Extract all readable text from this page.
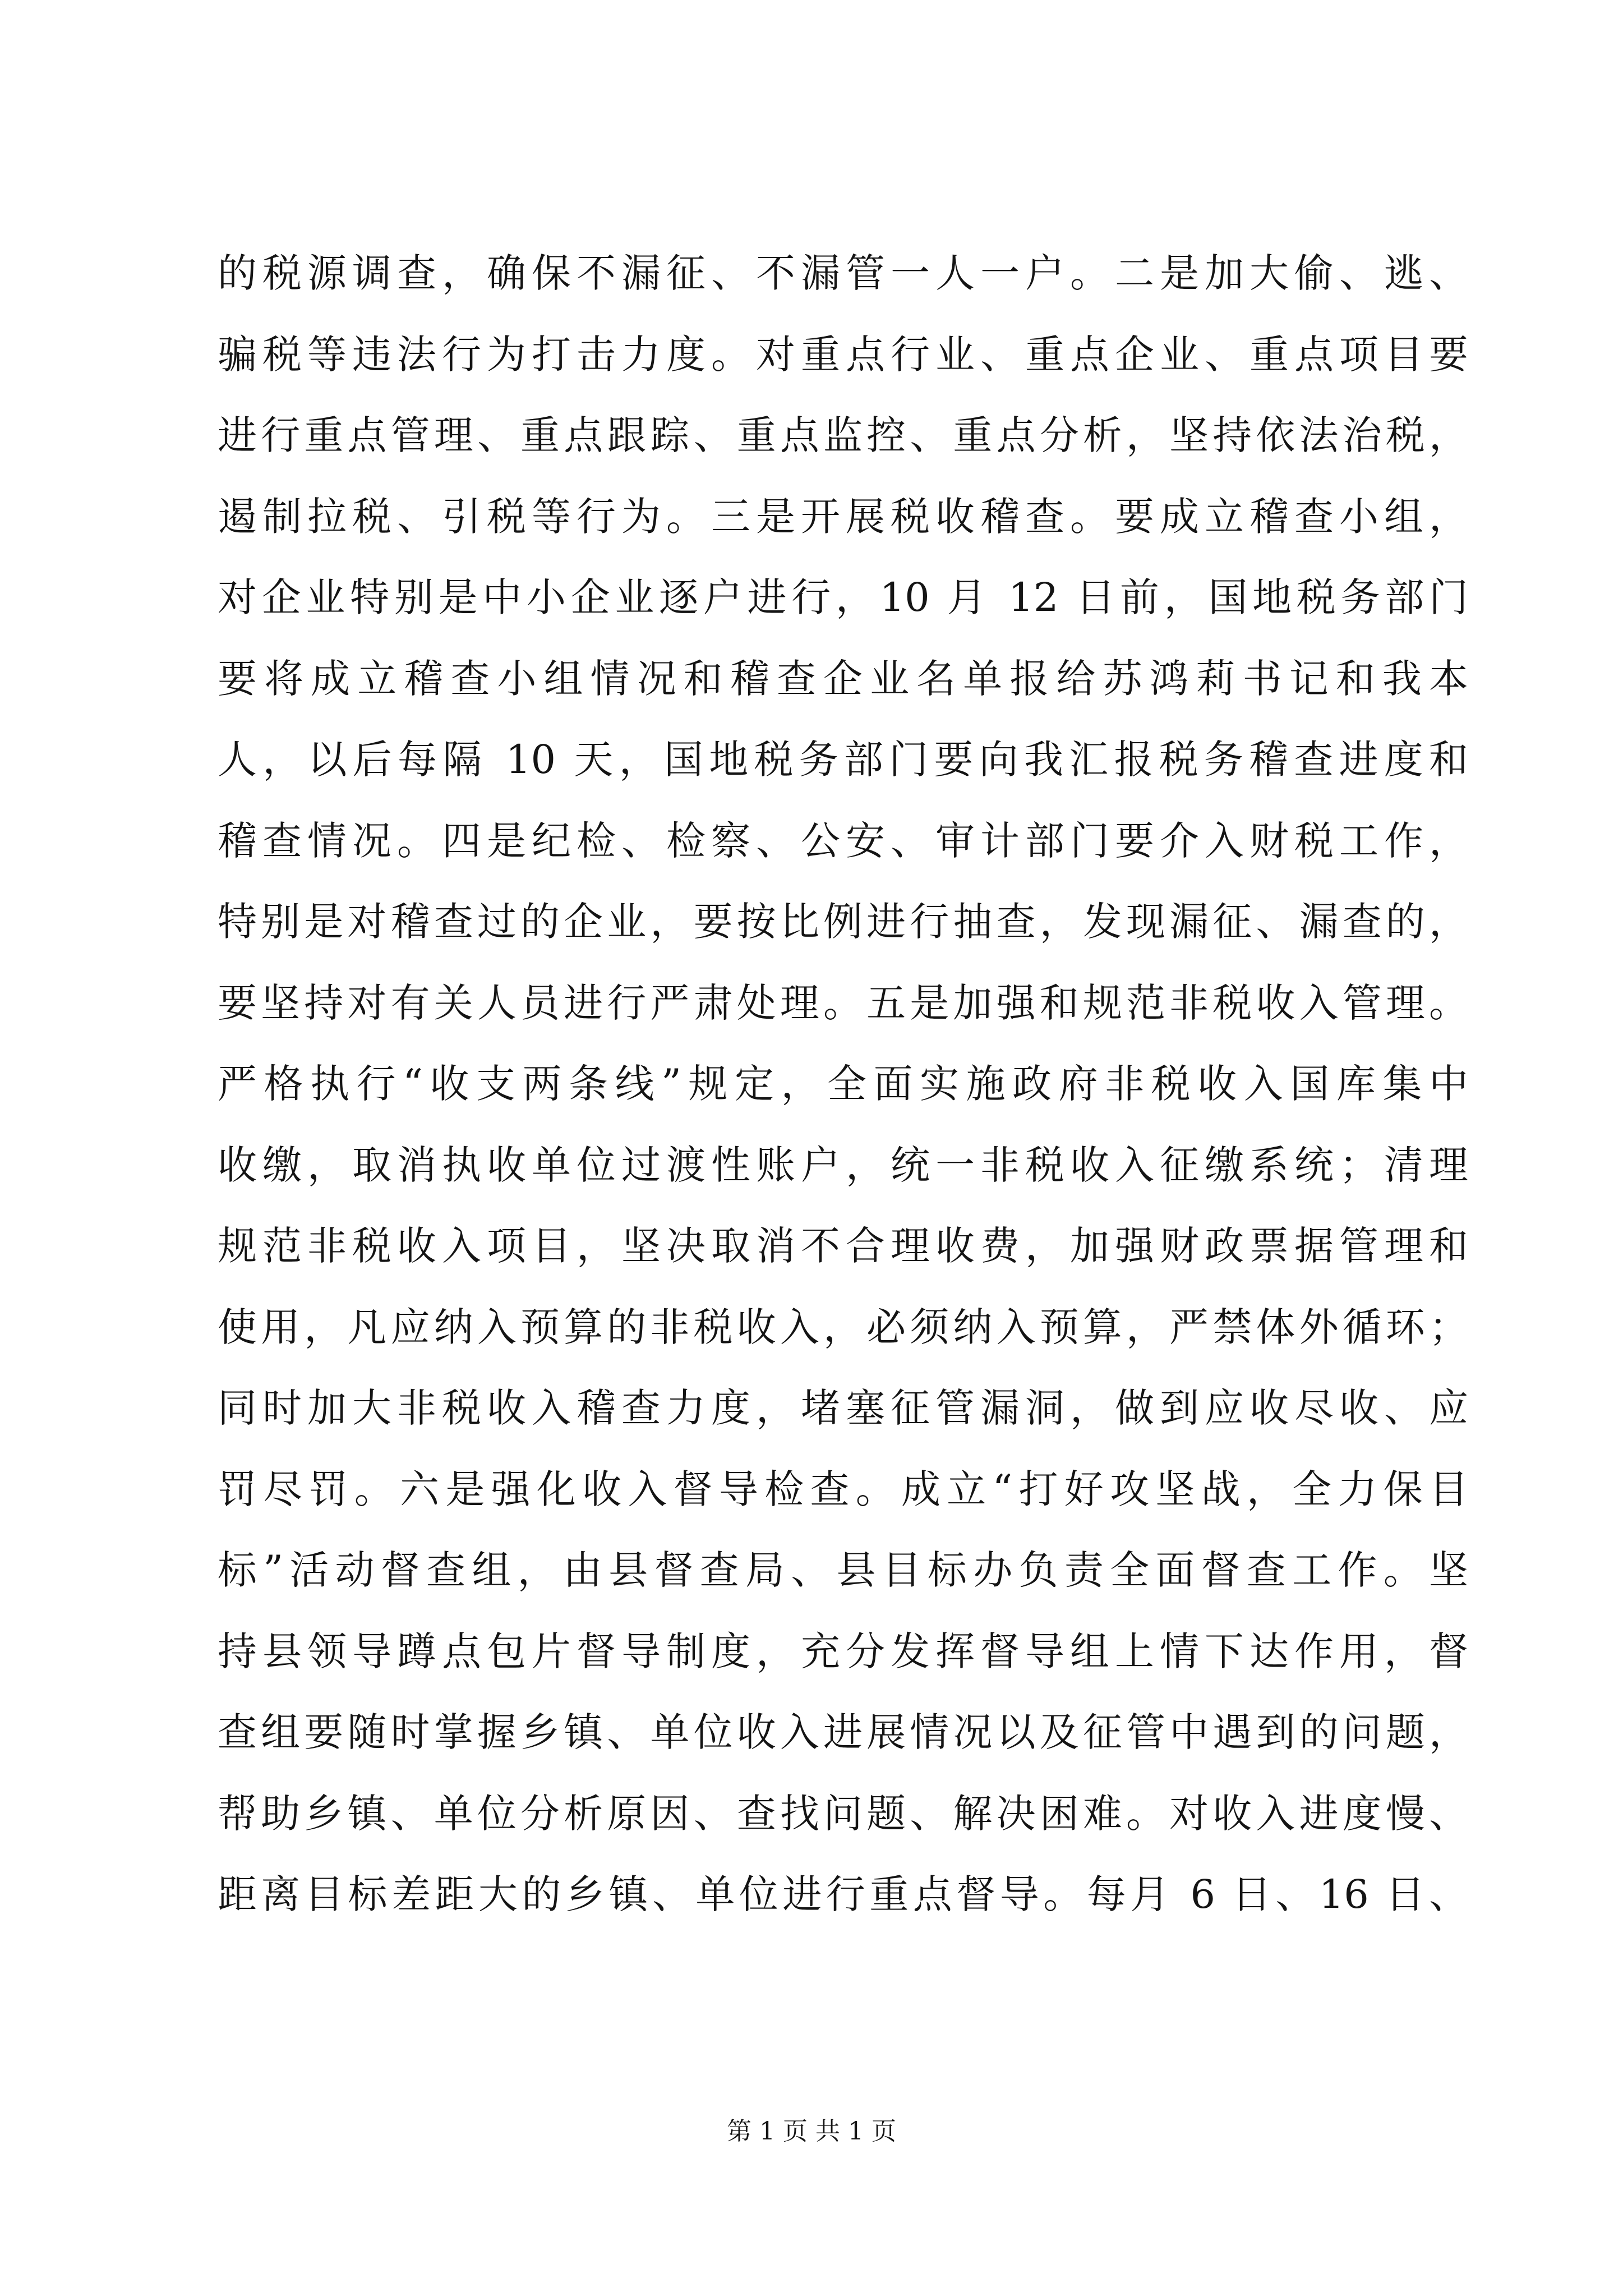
的税源调查，确保不漏征、不漏管一人一户。二是加大偷、逃、
骗税等违法行为打击力度。对重点行业、重点企业、重点项目要
进行重点管理、重点跟踪、重点监控、重点分析，坚持依法治税，
遏制拉税、引税等行为。三是开展税收稽查。要成立稽查小组，
对企业特别是中小企业逐户进行，10 月 12 日前，国地税务部门
要将成立稽查小组情况和稽查企业名单报给苏鸿莉书记和我本
人，以后每隔 10 天，国地税务部门要向我汇报税务稽查进度和
稽查情况。四是纪检、检察、公安、审计部门要介入财税工作，
特别是对稽查过的企业，要按比例进行抽查，发现漏征、漏查的，
要坚持对有关人员进行严肃处理。五是加强和规范非税收入管理。
严格执行“收支两条线”规定，全面实施政府非税收入国库集中
收缴，取消执收单位过渡性账户，统一非税收入征缴系统；清理
规范非税收入项目，坚决取消不合理收费，加强财政票据管理和
使用，凡应纳入预算的非税收入，必须纳入预算，严禁体外循环；
同时加大非税收入稽查力度，堵塞征管漏洞，做到应收尽收、应
罚尽罚。六是强化收入督导检查。成立“打好攻坚战，全力保目
标”活动督查组，由县督查局、县目标办负责全面督查工作。坚
持县领导蹲点包片督导制度，充分发挥督导组上情下达作用，督
查组要随时掌握乡镇、单位收入进展情况以及征管中遇到的问题，
帮助乡镇、单位分析原因、查找问题、解决困难。对收入进度慢、
距离目标差距大的乡镇、单位进行重点督导。每月 6 日、16 日、
第 1 页 共 1 页
